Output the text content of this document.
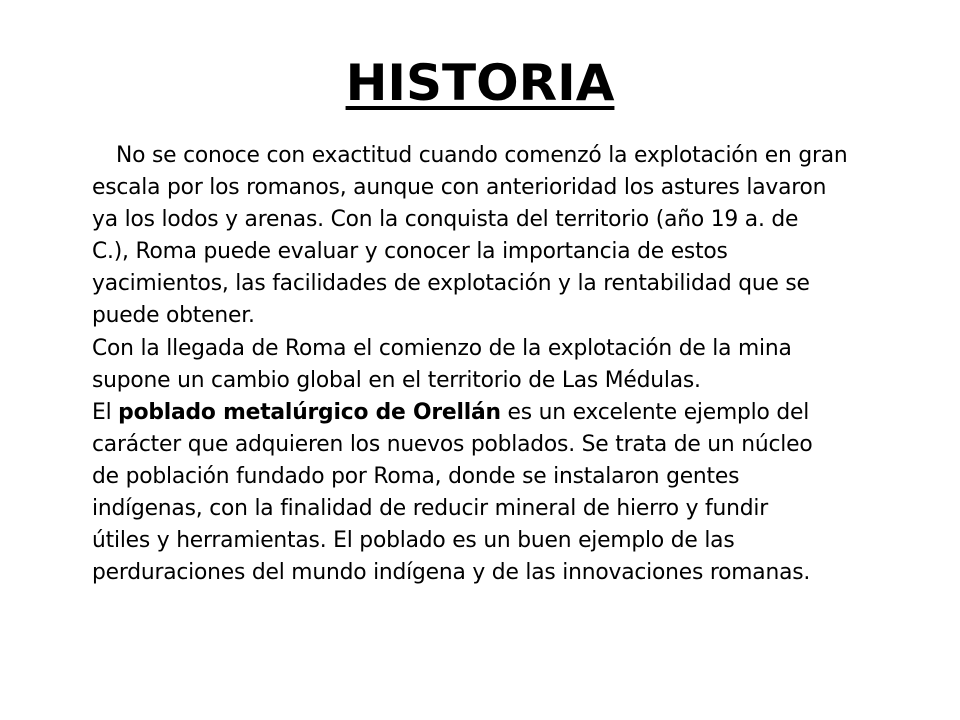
HISTORIA
No se conoce con exactitud cuando comenzó la explotación en gran
escala por los romanos, aunque con anterioridad los astures lavaron
ya los lodos y arenas. Con la conquista del territorio (año 19 a. de
C.), Roma puede evaluar y conocer la importancia de estos
yacimientos, las facilidades de explotación y la rentabilidad que se
puede obtener.
Con la llegada de Roma el comienzo de la explotación de la mina
supone un cambio global en el territorio de Las Médulas.
El poblado metalúrgico de Orellán es un excelente ejemplo del
carácter que adquieren los nuevos poblados. Se trata de un núcleo
de población fundado por Roma, donde se instalaron gentes
indígenas, con la finalidad de reducir mineral de hierro y fundir
útiles y herramientas. El poblado es un buen ejemplo de las
perduraciones del mundo indígena y de las innovaciones romanas.
